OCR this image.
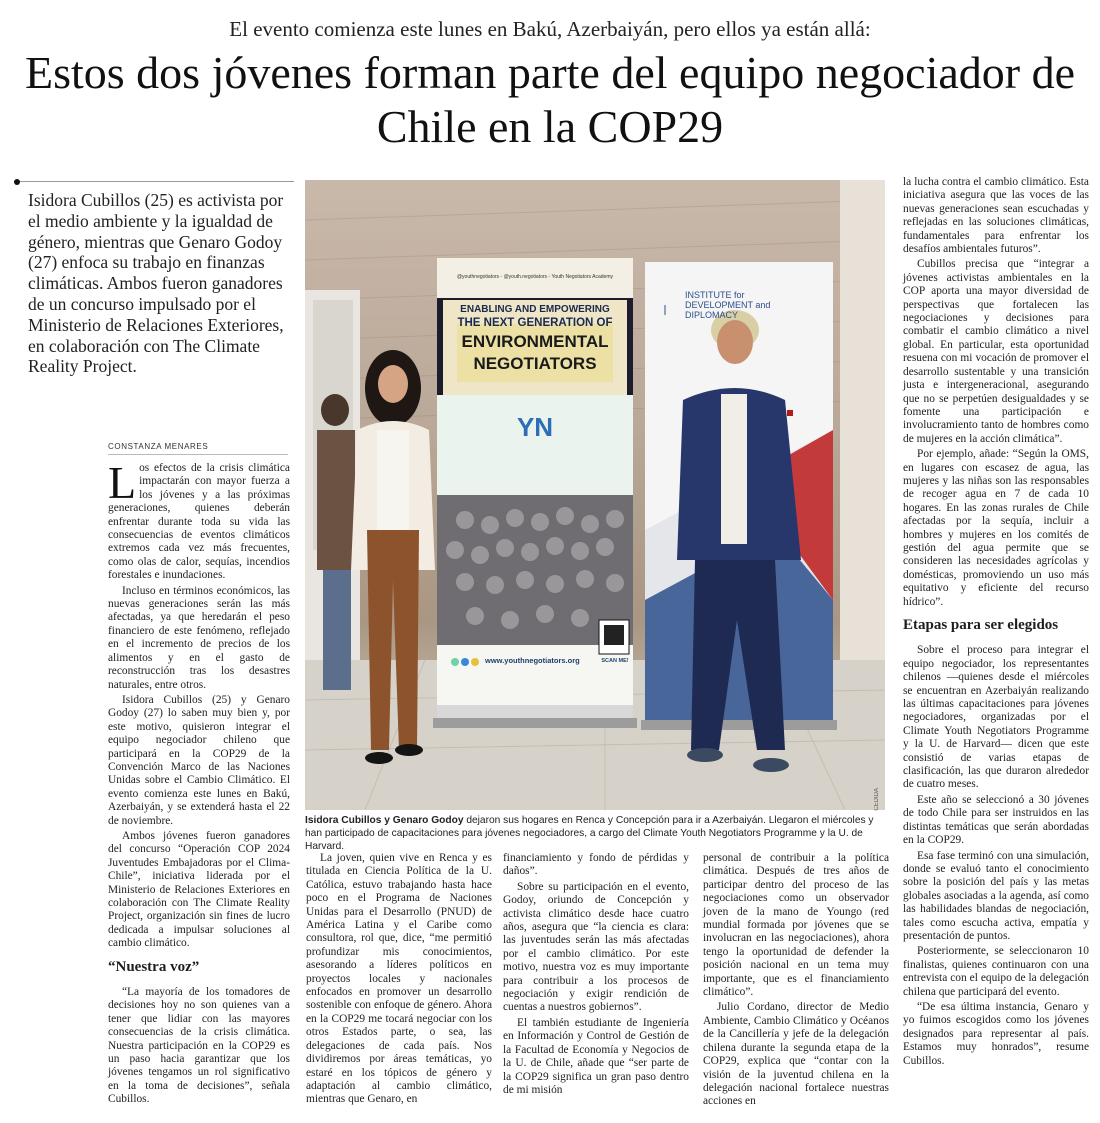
El evento comienza este lunes en Bakú, Azerbaiyán, pero ellos ya están allá:
Estos dos jóvenes forman parte del equipo negociador de Chile en la COP29

Isidora Cubillos (25) es activista por el medio ambiente y la igualdad de género, mientras que Genaro Godoy (27) enfoca su trabajo en finanzas climáticas. Ambos fueron ganadores de un concurso impulsado por el Ministerio de Relaciones Exteriores, en colaboración con The Climate Reality Project.

CONSTANZA MENARES

Los efectos de la crisis climática impactarán con mayor fuerza a los jóvenes y a las próximas generaciones, quienes deberán enfrentar durante toda su vida las consecuencias de eventos climáticos extremos cada vez más frecuentes, como olas de calor, sequías, incendios forestales e inundaciones.

Incluso en términos económicos, las nuevas generaciones serán las más afectadas, ya que heredarán el peso financiero de este fenómeno, reflejado en el incremento de precios de los alimentos y en el gasto de reconstrucción tras los desastres naturales, entre otros.

Isidora Cubillos (25) y Genaro Godoy (27) lo saben muy bien y, por este motivo, quisieron integrar el equipo negociador chileno que participará en la COP29 de la Convención Marco de las Naciones Unidas sobre el Cambio Climático. El evento comienza este lunes en Bakú, Azerbaiyán, y se extenderá hasta el 22 de noviembre.

Ambos jóvenes fueron ganadores del concurso “Operación COP 2024 Juventudes Embajadoras por el Clima-Chile”, iniciativa liderada por el Ministerio de Relaciones Exteriores en colaboración con The Climate Reality Project, organización sin fines de lucro dedicada a impulsar soluciones al cambio climático.

“Nuestra voz”

“La mayoría de los tomadores de decisiones hoy no son quienes van a tener que lidiar con las mayores consecuencias de la crisis climática. Nuestra participación en la COP29 es un paso hacia garantizar que los jóvenes tengamos un rol significativo en la toma de decisiones”, señala Cubillos.

@youthnegotiators ◦ @youth.negotiators ◦ Youth Negotiators Academy
ENABLING AND EMPOWERING
THE NEXT GENERATION OF
ENVIRONMENTAL
NEGOTIATORS
YN
www.youthnegotiators.org	SCAN ME!
INSTITUTE for DEVELOPMENT and DIPLOMACY
CEDIDA
Isidora Cubillos y Genaro Godoy dejaron sus hogares en Renca y Concepción para ir a Azerbaiyán. Llegaron el miércoles y han participado de capacitaciones para jóvenes negociadores, a cargo del Climate Youth Negotiators Programme y la U. de Harvard.

La joven, quien vive en Renca y es titulada en Ciencia Política de la U. Católica, estuvo trabajando hasta hace poco en el Programa de Naciones Unidas para el Desarrollo (PNUD) de América Latina y el Caribe como consultora, rol que, dice, “me permitió profundizar mis conocimientos, asesorando a líderes políticos en proyectos locales y nacionales enfocados en promover un desarrollo sostenible con enfoque de género. Ahora en la COP29 me tocará negociar con los otros Estados parte, o sea, las delegaciones de cada país. Nos dividiremos por áreas temáticas, yo estaré en los tópicos de género y adaptación al cambio climático, mientras que Genaro, en

financiamiento y fondo de pérdidas y daños”.

Sobre su participación en el evento, Godoy, oriundo de Concepción y activista climático desde hace cuatro años, asegura que “la ciencia es clara: las juventudes serán las más afectadas por el cambio climático. Por este motivo, nuestra voz es muy importante para contribuir a los procesos de negociación y exigir rendición de cuentas a nuestros gobiernos”.

El también estudiante de Ingeniería en Información y Control de Gestión de la Facultad de Economía y Negocios de la U. de Chile, añade que “ser parte de la COP29 significa un gran paso dentro de mi misión

personal de contribuir a la política climática. Después de tres años de participar dentro del proceso de las negociaciones como un observador joven de la mano de Youngo (red mundial formada por jóvenes que se involucran en las negociaciones), ahora tengo la oportunidad de defender la posición nacional en un tema muy importante, que es el financiamiento climático”.

Julio Cordano, director de Medio Ambiente, Cambio Climático y Océanos de la Cancillería y jefe de la delegación chilena durante la segunda etapa de la COP29, explica que “contar con la visión de la juventud chilena en la delegación nacional fortalece nuestras acciones en

la lucha contra el cambio climático. Esta iniciativa asegura que las voces de las nuevas generaciones sean escuchadas y reflejadas en las soluciones climáticas, fundamentales para enfrentar los desafíos ambientales futuros”.

Cubillos precisa que “integrar a jóvenes activistas ambientales en la COP aporta una mayor diversidad de perspectivas que fortalecen las negociaciones y decisiones para combatir el cambio climático a nivel global. En particular, esta oportunidad resuena con mi vocación de promover el desarrollo sustentable y una transición justa e intergeneracional, asegurando que no se perpetúen desigualdades y se fomente una participación e involucramiento tanto de hombres como de mujeres en la acción climática”.

Por ejemplo, añade: “Según la OMS, en lugares con escasez de agua, las mujeres y las niñas son las responsables de recoger agua en 7 de cada 10 hogares. En las zonas rurales de Chile afectadas por la sequía, incluir a hombres y mujeres en los comités de gestión del agua permite que se consideren las necesidades agrícolas y domésticas, promoviendo un uso más equitativo y eficiente del recurso hídrico”.

Etapas para ser elegidos

Sobre el proceso para integrar el equipo negociador, los representantes chilenos —quienes desde el miércoles se encuentran en Azerbaiyán realizando las últimas capacitaciones para jóvenes negociadores, organizadas por el Climate Youth Negotiators Programme y la U. de Harvard— dicen que este consistió de varias etapas de clasificación, las que duraron alrededor de cuatro meses.

Este año se seleccionó a 30 jóvenes de todo Chile para ser instruidos en las distintas temáticas que serán abordadas en la COP29.

Esa fase terminó con una simulación, donde se evaluó tanto el conocimiento sobre la posición del país y las metas globales asociadas a la agenda, así como las habilidades blandas de negociación, tales como escucha activa, empatía y presentación de puntos.

Posteriormente, se seleccionaron 10 finalistas, quienes continuaron con una entrevista con el equipo de la delegación chilena que participará del evento.

“De esa última instancia, Genaro y yo fuimos escogidos como los jóvenes designados para representar al país. Estamos muy honrados”, resume Cubillos.
